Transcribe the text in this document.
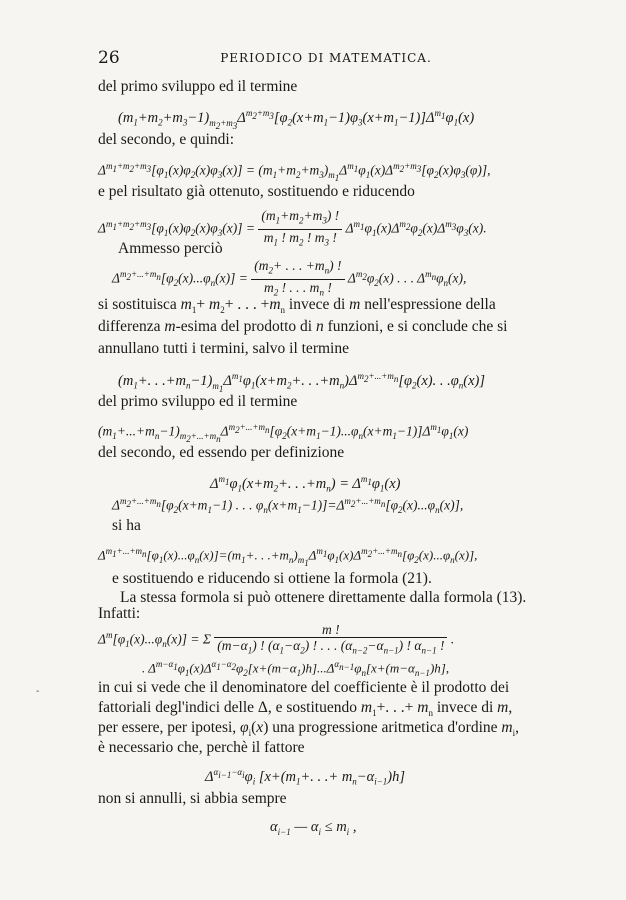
26	PERIODICO DI MATEMATICA.
del primo sviluppo ed il termine
$(m_1+m_2+m_3-1)_{m_2+m_3}\Delta^{m_2+m_3}[\varphi_2(x+m_1-1)\varphi_3(x+m_1-1)]\Delta^{m_1}\varphi_1(x)$
del secondo, e quindi:
$\Delta^{m_1+m_2+m_3}[\varphi_1(x)\varphi_2(x)\varphi_3(x)] = (m_1+m_2+m_3)_{m_1}\Delta^{m_1}\varphi_1(x)\Delta^{m_2+m_3}[\varphi_2(x)\varphi_3(\varphi)]$,
e pel risultato già ottenuto, sostituendo e riducendo
$\Delta^{m_1+m_2+m_3}[\varphi_1(x)\varphi_2(x)\varphi_3(x)] = \frac{(m_1+m_2+m_3) !}{m_1 ! m_2 ! m_3 !} \Delta^{m_1}\varphi_1(x)\Delta^{m_2}\varphi_2(x)\Delta^{m_3}\varphi_3(x)$.
Ammesso perciò
$\Delta^{m_2+...+m_n}[\varphi_2(x)...\varphi_n(x)] = \frac{(m_2+ . . . +m_n) !}{m_2 ! . . . m_n !} \Delta^{m_2}\varphi_2(x)$ . . . $\Delta^{m_n}\varphi_n(x)$,
si sostituisca $m_1+ m_2+$ . . . $+m_n$ invece di m nell'espressione della
differenza m-esima del prodotto di n funzioni, e si conclude che si
annullano tutti i termini, salvo il termine
($m_1+$. . $.+m_n-1)_{m_1}\Delta^{m_1}\varphi_1(x+m_2+$. . $.+m_n)\Delta^{m_2+...+m_n}[\varphi_2(x)$. . $.\varphi_n(x)$]
del primo sviluppo ed il termine
$(m_1+...+m_n-1)_{m_2+...+m_n}\Delta^{m_2+...+m_n}[\varphi_2(x+m_1-1)...\varphi_n(x+m_1-1)]\Delta^{m_1}\varphi_1(x)$
del secondo, ed essendo per definizione
$\Delta^{m_1}\varphi_1(x+m_2+$. . $.+m_n) = \Delta^{m_1}\varphi_1(x)$
$\Delta^{m_2+...+m_n}[\varphi_2(x+m_1-1)$ . . . $\varphi_n(x+m_1-1)]=\Delta^{m_2+...+m_n}[\varphi_2(x)...\varphi_n(x)]$,
si ha
$\Delta^{m_1+...+m_n}[\varphi_1(x)...\varphi_n(x)]=(m_1+$. . $.+m_n)_{m_1}\Delta^{m_1}\varphi_1(x)\Delta^{m_2+...+m_n}[\varphi_2(x)...\varphi_n(x)]$,
e sostituendo e riducendo si ottiene la formola (21).
La stessa formola si può ottenere direttamente dalla formola (13).
Infatti:
$\Delta^m[\varphi_1(x)...\varphi_n(x)] = \Sigma \frac{m !}{(m-\alpha_1) ! (\alpha_1-\alpha_2) ! . . . (\alpha_{n-2}-\alpha_{n-1}) ! \alpha_{n-1} !}$ .
. $\Delta^{m-\alpha_1}\varphi_1(x)\Delta^{\alpha_1-\alpha_2}\varphi_2[x+(m-\alpha_1)h]...\Delta^{\alpha_{n-1}}\varphi_n[x+(m-\alpha_{n-1})h]$,
in cui si vede che il denominatore del coefficiente è il prodotto dei
fattoriali degl'indici delle Δ, e sostituendo $m_1+$. . .+ $m_n$ invece di m,
per essere, per ipotesi, $\varphi_i(x)$ una progressione aritmetica d'ordine $m_i$,
è necessario che, perchè il fattore
$\Delta^{\alpha_{i-1}-\alpha_i}\varphi_i$ [$x+(m_1+$. . .+ $m_n-\alpha_{i-1})h$]
non si annulli, si abbia sempre
$\alpha_{i-1}$ — $\alpha_i \le m_i$ ,
-
